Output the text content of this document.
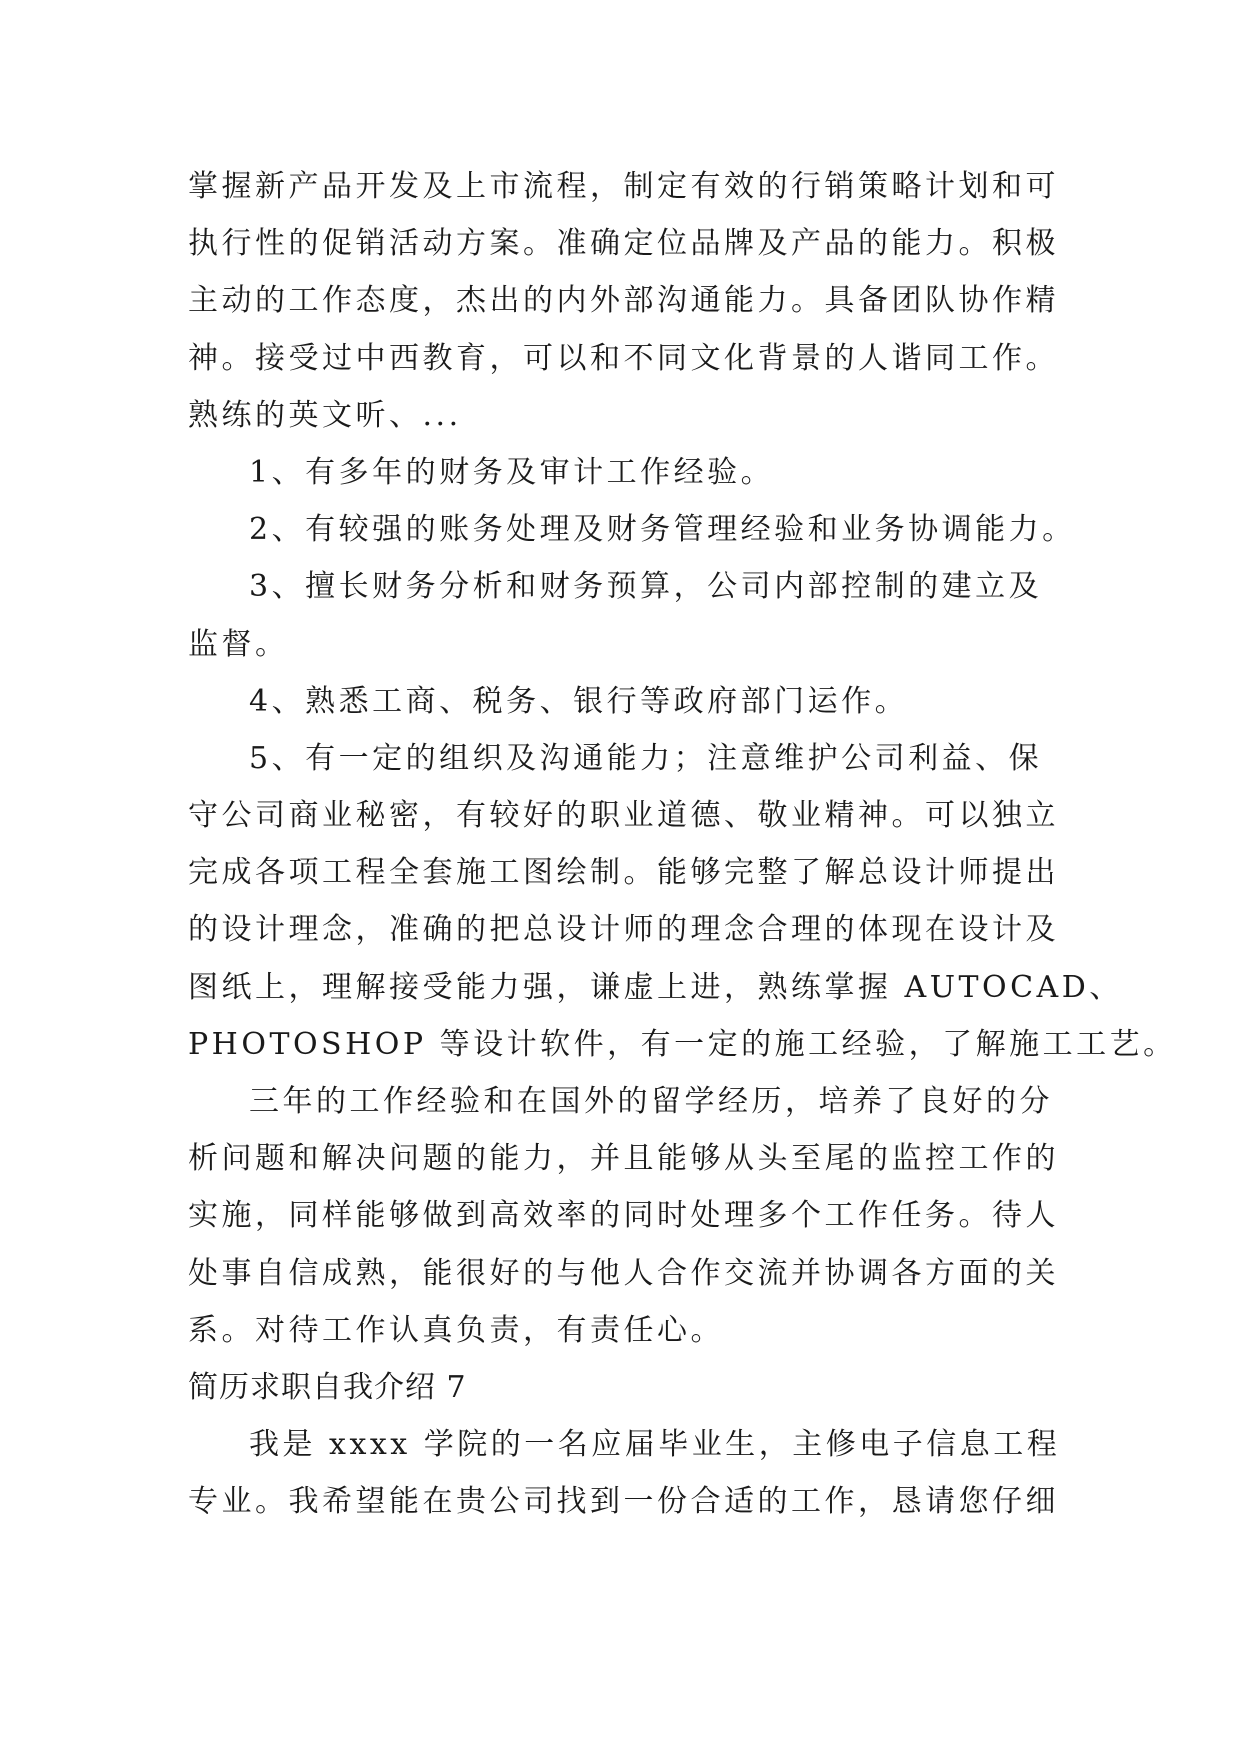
掌握新产品开发及上市流程，制定有效的行销策略计划和可
执行性的促销活动方案。准确定位品牌及产品的能力。积极
主动的工作态度，杰出的内外部沟通能力。具备团队协作精
神。接受过中西教育，可以和不同文化背景的人谐同工作。
熟练的英文听、...
1、有多年的财务及审计工作经验。
2、有较强的账务处理及财务管理经验和业务协调能力。
3、擅长财务分析和财务预算，公司内部控制的建立及
监督。
4、熟悉工商、税务、银行等政府部门运作。
5、有一定的组织及沟通能力；注意维护公司利益、保
守公司商业秘密，有较好的职业道德、敬业精神。可以独立
完成各项工程全套施工图绘制。能够完整了解总设计师提出
的设计理念，准确的把总设计师的理念合理的体现在设计及
图纸上，理解接受能力强，谦虚上进，熟练掌握 AUTOCAD、
PHOTOSHOP 等设计软件，有一定的施工经验，了解施工工艺。
三年的工作经验和在国外的留学经历，培养了良好的分
析问题和解决问题的能力，并且能够从头至尾的监控工作的
实施，同样能够做到高效率的同时处理多个工作任务。待人
处事自信成熟，能很好的与他人合作交流并协调各方面的关
系。对待工作认真负责，有责任心。
简历求职自我介绍 7
我是 xxxx 学院的一名应届毕业生，主修电子信息工程
专业。我希望能在贵公司找到一份合适的工作，恳请您仔细
